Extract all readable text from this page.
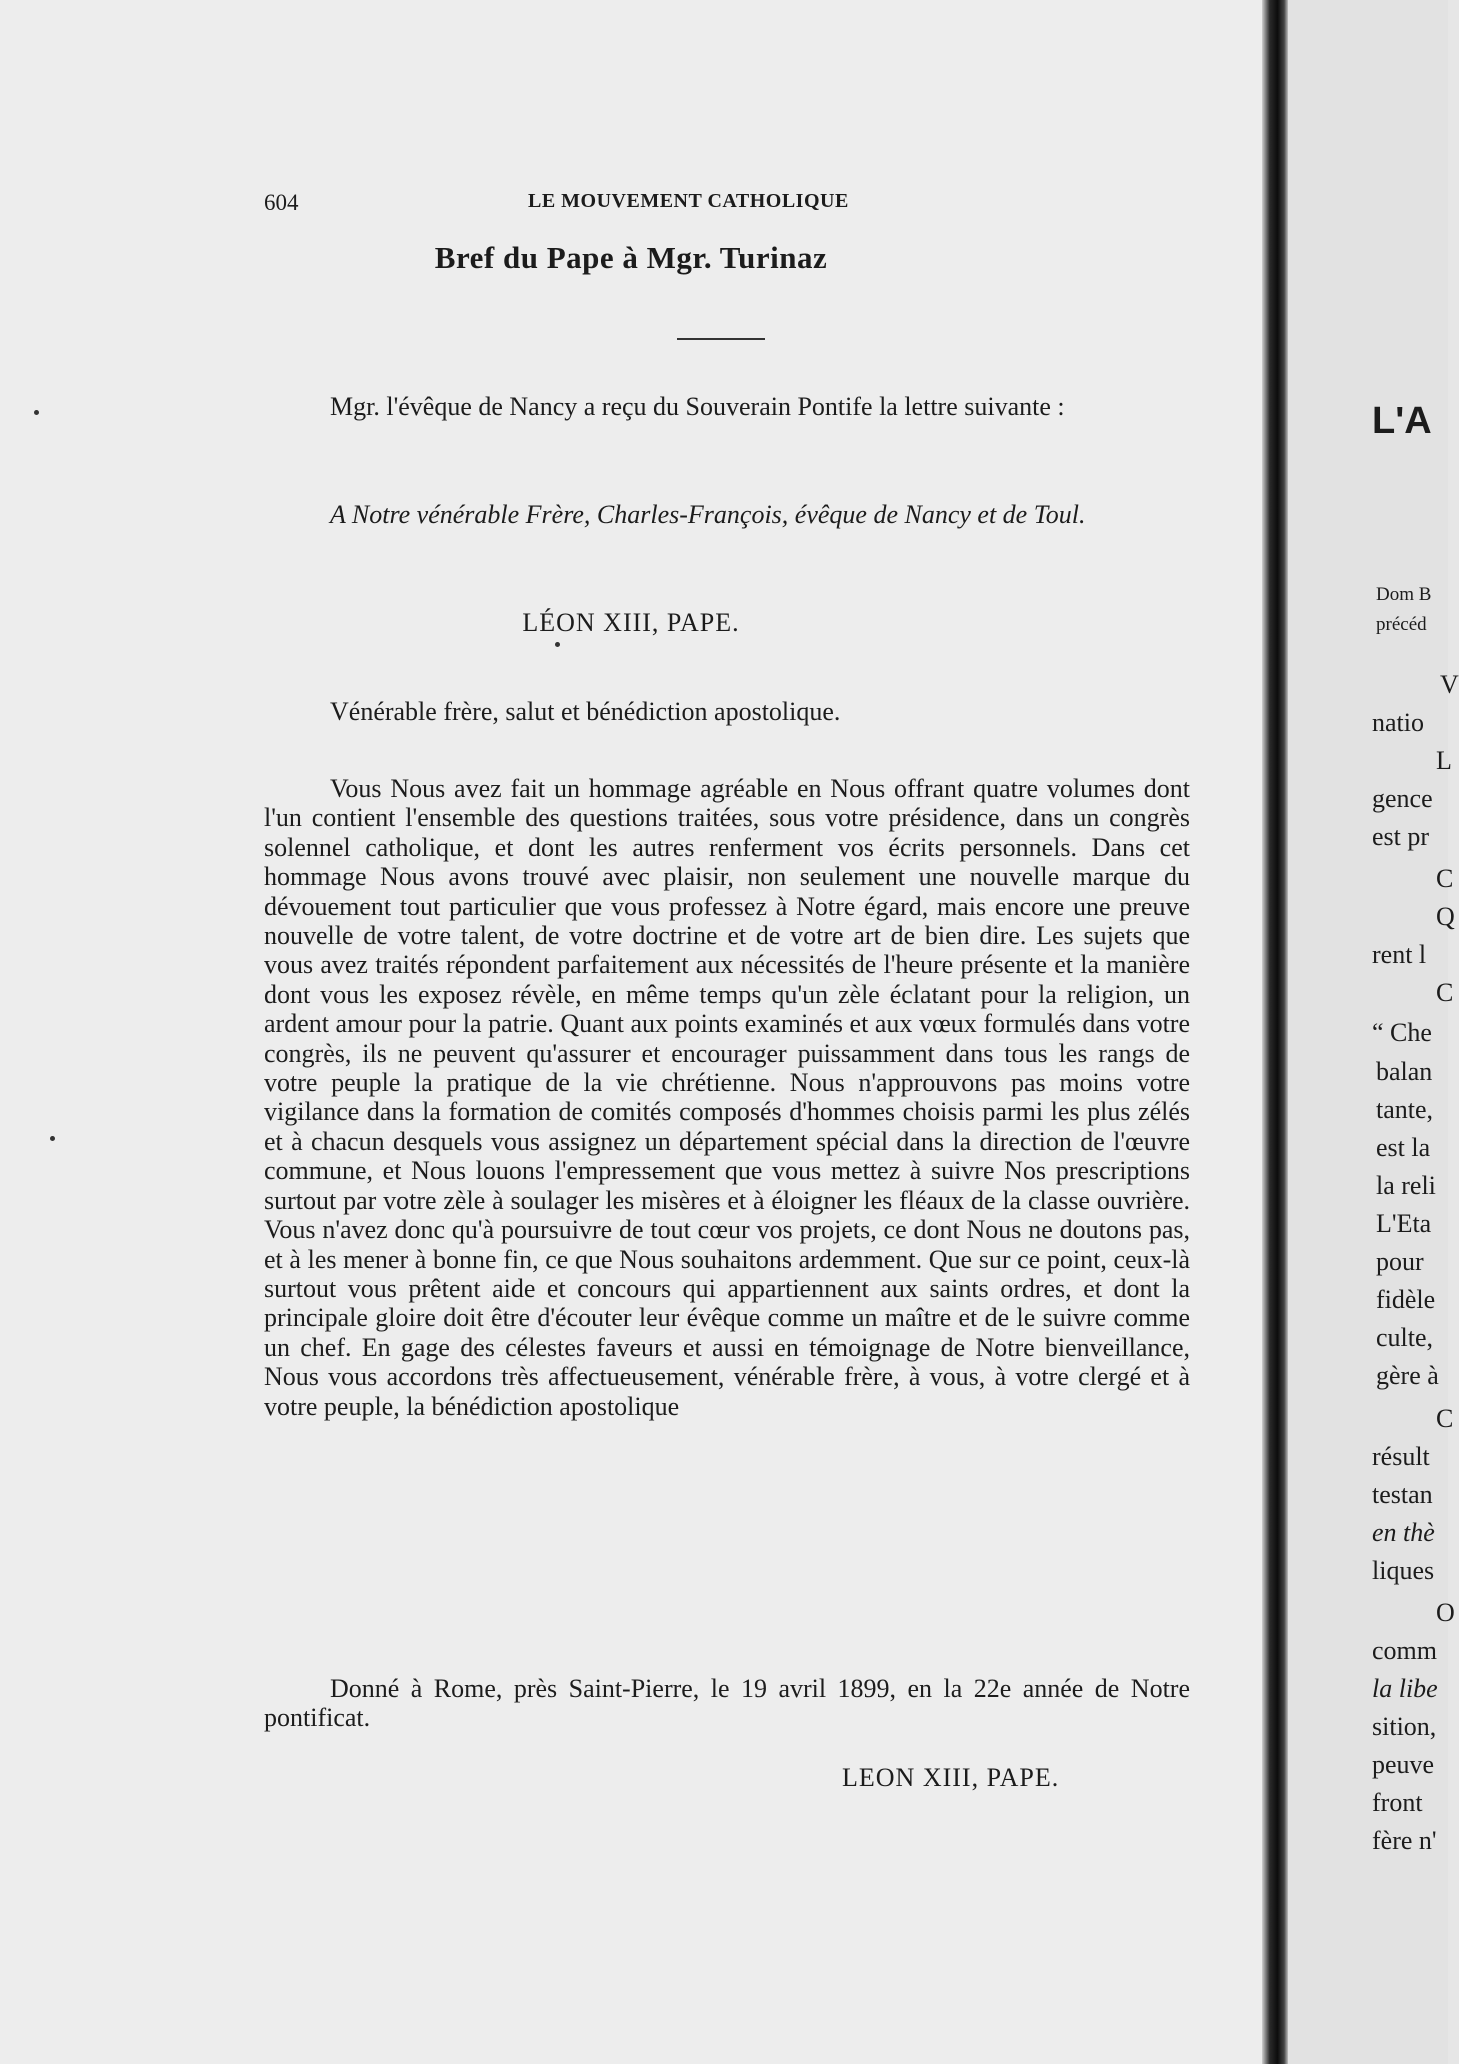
604	LE MOUVEMENT CATHOLIQUE
Bref du Pape à Mgr. Turinaz

Mgr. l'évêque de Nancy a reçu du Souverain Pontife la lettre suivante :

A Notre vénérable Frère, Charles-François, évêque de Nancy et de Toul.

LÉON XIII, PAPE.

Vénérable frère, salut et bénédiction apostolique.

Vous Nous avez fait un hommage agréable en Nous offrant quatre volumes dont l'un contient l'ensemble des questions traitées, sous votre présidence, dans un congrès solennel catholique, et dont les autres renferment vos écrits personnels. Dans cet hommage Nous avons trouvé avec plaisir, non seulement une nouvelle marque du dévouement tout particulier que vous professez à Notre égard, mais encore une preuve nouvelle de votre talent, de votre doctrine et de votre art de bien dire. Les sujets que vous avez traités répondent parfaitement aux nécessités de l'heure présente et la manière dont vous les exposez révèle, en même temps qu'un zèle éclatant pour la religion, un ardent amour pour la patrie. Quant aux points examinés et aux vœux formulés dans votre congrès, ils ne peuvent qu'assurer et encourager puissamment dans tous les rangs de votre peuple la pratique de la vie chrétienne. Nous n'approuvons pas moins votre vigilance dans la formation de comités composés d'hommes choisis parmi les plus zélés et à chacun desquels vous assignez un département spécial dans la direction de l'œuvre commune, et Nous louons l'empressement que vous mettez à suivre Nos prescriptions surtout par votre zèle à soulager les misères et à éloigner les fléaux de la classe ouvrière. Vous n'avez donc qu'à poursuivre de tout cœur vos projets, ce dont Nous ne doutons pas, et à les mener à bonne fin, ce que Nous souhaitons ardemment. Que sur ce point, ceux-là surtout vous prêtent aide et concours qui appartiennent aux saints ordres, et dont la principale gloire doit être d'écouter leur évêque comme un maître et de le suivre comme un chef. En gage des célestes faveurs et aussi en témoignage de Notre bienveillance, Nous vous accordons très affectueusement, vénérable frère, à vous, à votre clergé et à votre peuple, la bénédiction apostolique

Donné à Rome, près Saint-Pierre, le 19 avril 1899, en la 22e année de Notre pontificat.

LEON XIII, PAPE.
L'A
Dom B
précéd
V
natio
L
gence
est pr
C
Q
rent l
C
“ Che
balan
tante,
est la
la reli
L'Eta
pour
fidèle
culte,
gère à
C
résult
testan
en thè
liques
O
comm
la libe
sition,
peuve
front
fère n'
